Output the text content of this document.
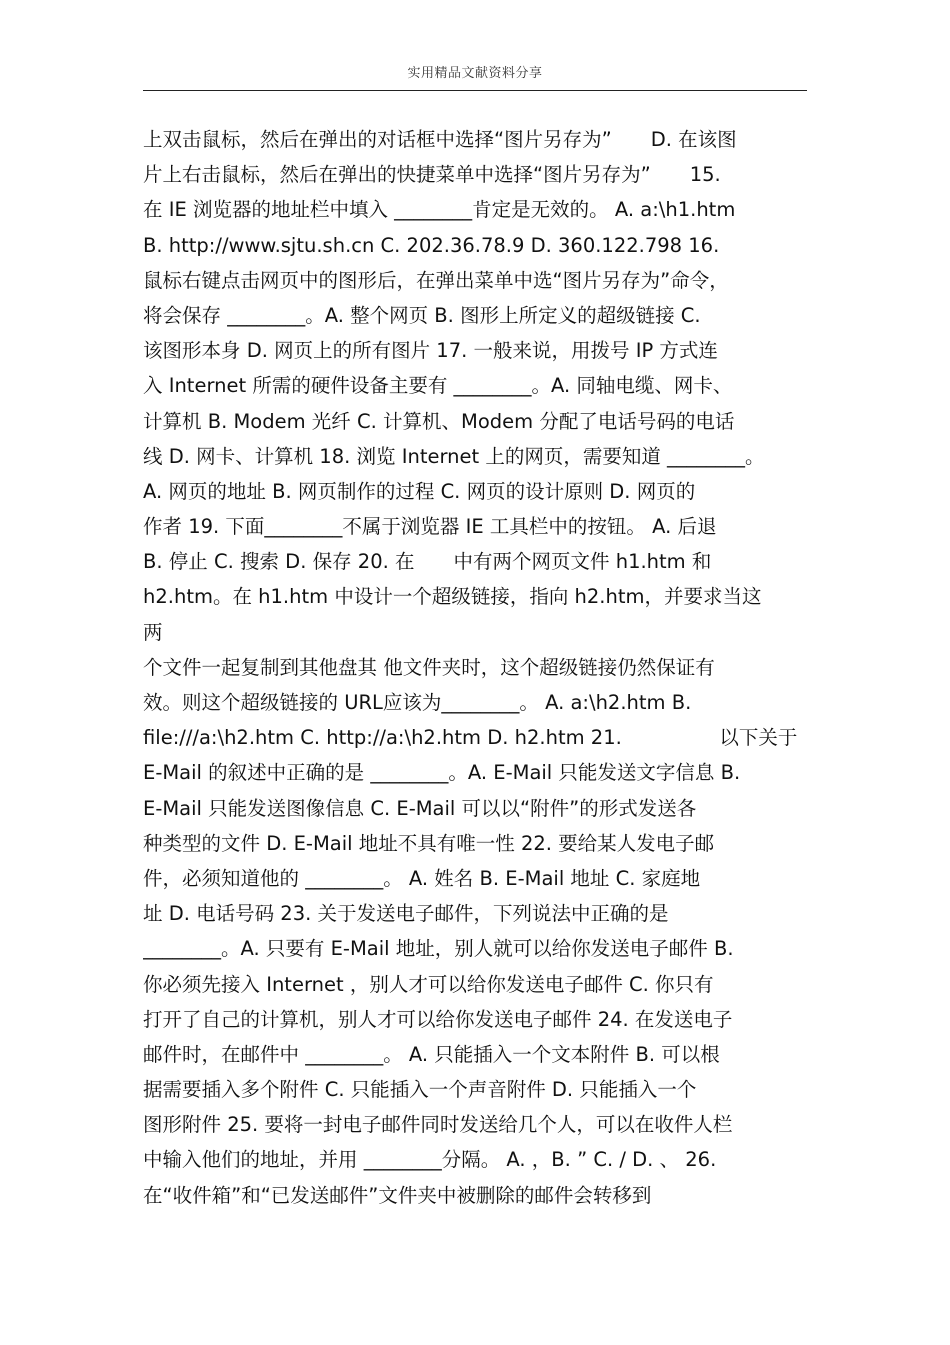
实用精品文献资料分享
上双击鼠标，然后在弹出的对话框中选择“图片另存为”　　D. 在该图
片上右击鼠标，然后在弹出的快捷菜单中选择“图片另存为”　　15.
在 IE 浏览器的地址栏中填入 ________肯定是无效的。 A. a:\h1.htm
B. http://www.sjtu.sh.cn C. 202.36.78.9 D. 360.122.798 16.
鼠标右键点击网页中的图形后，在弹出菜单中选“图片另存为”命令，
将会保存 ________。A. 整个网页 B. 图形上所定义的超级链接 C.
该图形本身 D. 网页上的所有图片 17. 一般来说，用拨号 IP 方式连
入 Internet 所需的硬件设备主要有 ________。A. 同轴电缆、网卡、
计算机 B. Modem 光纤 C. 计算机、Modem 分配了电话号码的电话
线 D. 网卡、计算机 18. 浏览 Internet 上的网页，需要知道 ________。
A. 网页的地址 B. 网页制作的过程 C. 网页的设计原则 D. 网页的
作者 19. 下面________不属于浏览器 IE 工具栏中的按钮。 A. 后退
B. 停止 C. 搜索 D. 保存 20. 在　　中有两个网页文件 h1.htm 和
h2.htm。在 h1.htm 中设计一个超级链接，指向 h2.htm，并要求当这
两
个文件一起复制到其他盘其 他文件夹时，这个超级链接仍然保证有
效。则这个超级链接的 URL应该为________。 A. a:\h2.htm B.
file:///a:\h2.htm C. http://a:\h2.htm D. h2.htm 21.　　　　　以下关于
E-Mail 的叙述中正确的是 ________。A. E-Mail 只能发送文字信息 B.
E-Mail 只能发送图像信息 C. E-Mail 可以以“附件”的形式发送各
种类型的文件 D. E-Mail 地址不具有唯一性 22. 要给某人发电子邮
件，必须知道他的 ________。 A. 姓名 B. E-Mail 地址 C. 家庭地
址 D. 电话号码 23. 关于发送电子邮件，下列说法中正确的是
________。A. 只要有 E-Mail 地址，别人就可以给你发送电子邮件 B.
你必须先接入 Internet ，别人才可以给你发送电子邮件 C. 你只有
打开了自己的计算机，别人才可以给你发送电子邮件 24. 在发送电子
邮件时，在邮件中 ________。 A. 只能插入一个文本附件 B. 可以根
据需要插入多个附件 C. 只能插入一个声音附件 D. 只能插入一个
图形附件 25. 要将一封电子邮件同时发送给几个人，可以在收件人栏
中输入他们的地址，并用 ________分隔。 A. ，B. ” C. / D. 、 26.
在“收件箱”和“已发送邮件”文件夹中被删除的邮件会转移到
